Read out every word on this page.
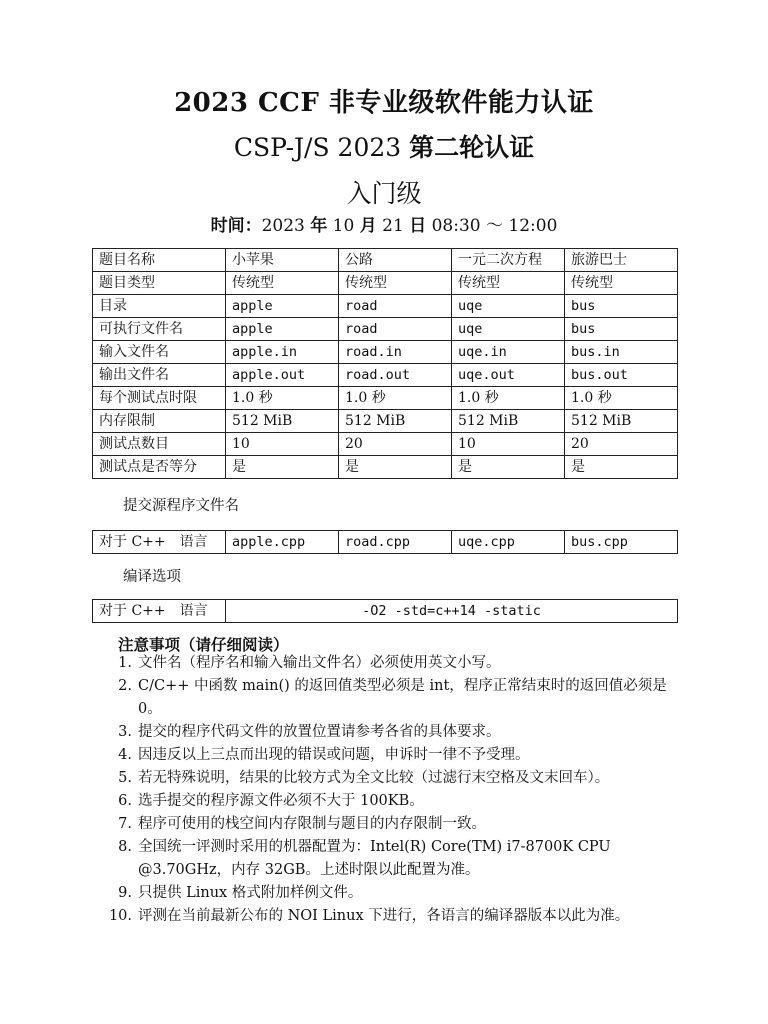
2023 CCF 非专业级软件能力认证
CSP-J/S 2023 第二轮认证
入门级
时间：2023 年 10 月 21 日 08:30 ～ 12:00
题目名称	小苹果	公路	一元二次方程	旅游巴士
题目类型	传统型	传统型	传统型	传统型
目录	apple	road	uqe	bus
可执行文件名	apple	road	uqe	bus
输入文件名	apple.in	road.in	uqe.in	bus.in
输出文件名	apple.out	road.out	uqe.out	bus.out
每个测试点时限	1.0 秒	1.0 秒	1.0 秒	1.0 秒
内存限制	512 MiB	512 MiB	512 MiB	512 MiB
测试点数目	10	20	10	20
测试点是否等分	是	是	是	是
提交源程序文件名
对于 C++　语言	apple.cpp	road.cpp	uqe.cpp	bus.cpp
编译选项
对于 C++　语言	-O2 -std=c++14 -static
注意事项（请仔细阅读）
1. 文件名（程序名和输入输出文件名）必须使用英文小写。
2. C/C++ 中函数 main() 的返回值类型必须是 int，程序正常结束时的返回值必须是 0。
3. 提交的程序代码文件的放置位置请参考各省的具体要求。
4. 因违反以上三点而出现的错误或问题，申诉时一律不予受理。
5. 若无特殊说明，结果的比较方式为全文比较（过滤行末空格及文末回车）。
6. 选手提交的程序源文件必须不大于 100KB。
7. 程序可使用的栈空间内存限制与题目的内存限制一致。
8. 全国统一评测时采用的机器配置为：Intel(R) Core(TM) i7-8700K CPU @3.70GHz，内存 32GB。上述时限以此配置为准。
9. 只提供 Linux 格式附加样例文件。
10. 评测在当前最新公布的 NOI Linux 下进行，各语言的编译器版本以此为准。
